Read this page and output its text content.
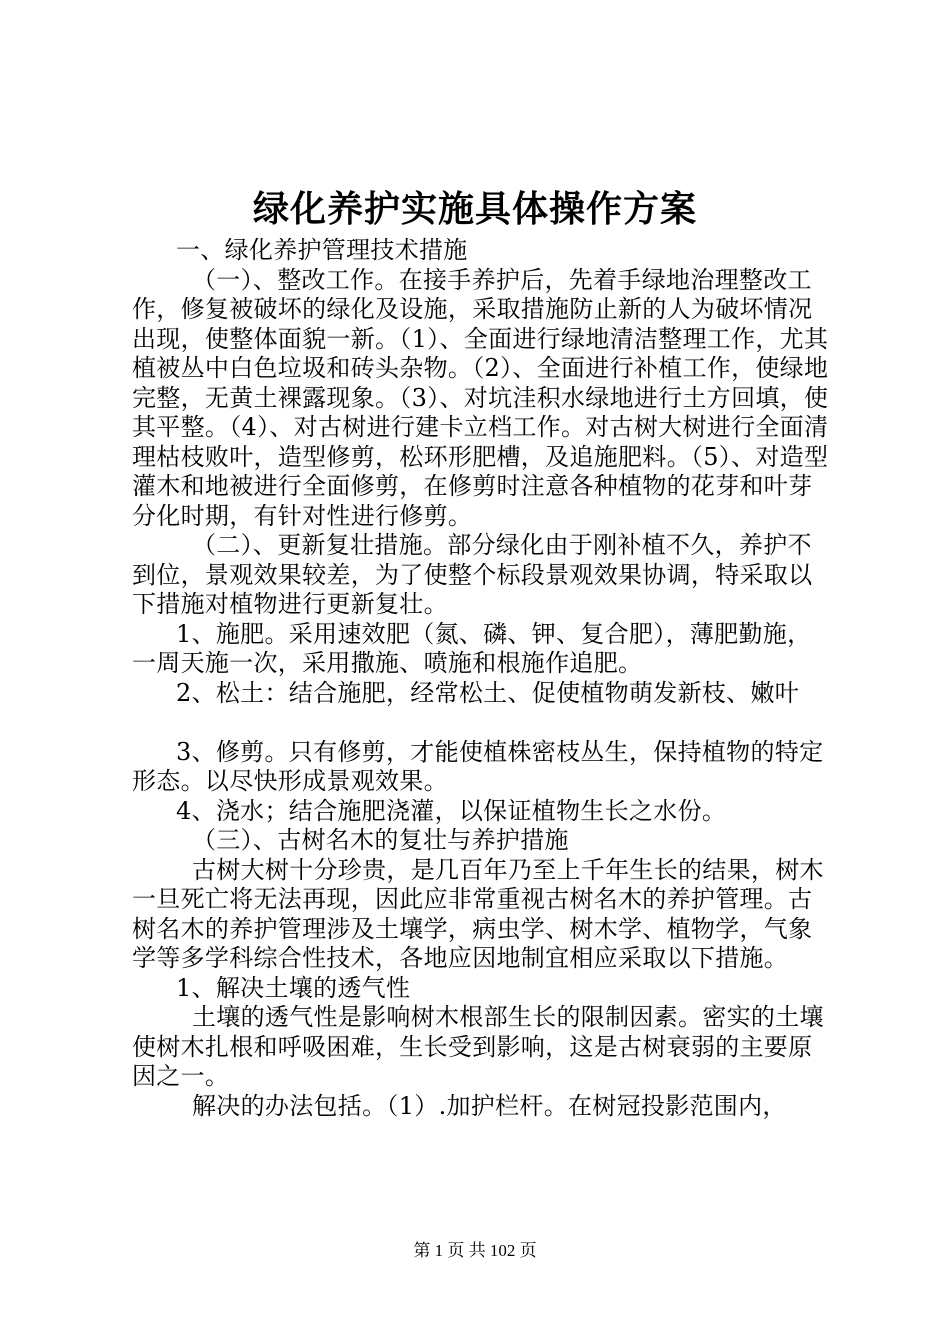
绿化养护实施具体操作方案

一、绿化养护管理技术措施

（一）、整改工作。在接手养护后，先着手绿地治理整改工作，修复被破坏的绿化及设施，采取措施防止新的人为破坏情况出现，使整体面貌一新。（1）、全面进行绿地清洁整理工作，尤其植被丛中白色垃圾和砖头杂物。（2）、全面进行补植工作，使绿地完整，无黄土裸露现象。（3）、对坑洼积水绿地进行土方回填，使其平整。（4）、对古树进行建卡立档工作。对古树大树进行全面清理枯枝败叶，造型修剪，松环形肥槽，及追施肥料。（5）、对造型灌木和地被进行全面修剪，在修剪时注意各种植物的花芽和叶芽分化时期，有针对性进行修剪。

（二）、更新复壮措施。部分绿化由于刚补植不久，养护不到位，景观效果较差，为了使整个标段景观效果协调，特采取以下措施对植物进行更新复壮。

1、施肥。采用速效肥（氮、磷、钾、复合肥），薄肥勤施，一周天施一次，采用撒施、喷施和根施作追肥。

2、松土：结合施肥，经常松土、促使植物萌发新枝、嫩叶

3、修剪。只有修剪，才能使植株密枝丛生，保持植物的特定形态。以尽快形成景观效果。

4、浇水；结合施肥浇灌，以保证植物生长之水份。

（三）、古树名木的复壮与养护措施

古树大树十分珍贵，是几百年乃至上千年生长的结果，树木一旦死亡将无法再现，因此应非常重视古树名木的养护管理。古树名木的养护管理涉及土壤学，病虫学、树木学、植物学，气象学等多学科综合性技术，各地应因地制宜相应采取以下措施。

1、解决土壤的透气性

土壤的透气性是影响树木根部生长的限制因素。密实的土壤使树木扎根和呼吸困难，生长受到影响，这是古树衰弱的主要原因之一。

解决的办法包括。（1）.加护栏杆。在树冠投影范围内，

第 1 页 共 102 页
